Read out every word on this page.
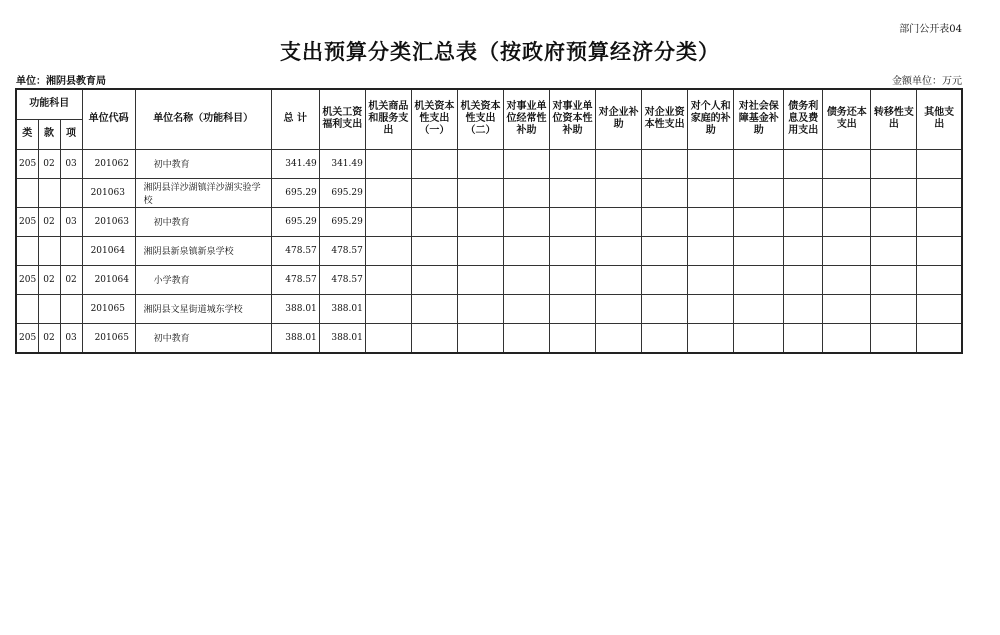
部门公开表04
支出预算分类汇总表（按政府预算经济分类）
单位：湘阴县教育局	金额单位：万元
功能科目			单位代码	单位名称（功能科目）	总 计	机关工资福利支出	机关商品和服务支出	机关资本性支出（一）	机关资本性支出（二）	对事业单位经常性补助	对事业单位资本性补助	对企业补助	对企业资本性支出	对个人和家庭的补助	对社会保障基金补助	债务利息及费用支出	债务还本支出	转移性支出	其他支出
类	款	项																	
205	02	03	201062	初中教育	341.49	341.49													
			201063	湘阴县洋沙湖镇洋沙湖实验学校	695.29	695.29													
205	02	03	201063	初中教育	695.29	695.29													
			201064	湘阴县新泉镇新泉学校	478.57	478.57													
205	02	02	201064	小学教育	478.57	478.57													
			201065	湘阴县文星街道城东学校	388.01	388.01													
205	02	03	201065	初中教育	388.01	388.01													
